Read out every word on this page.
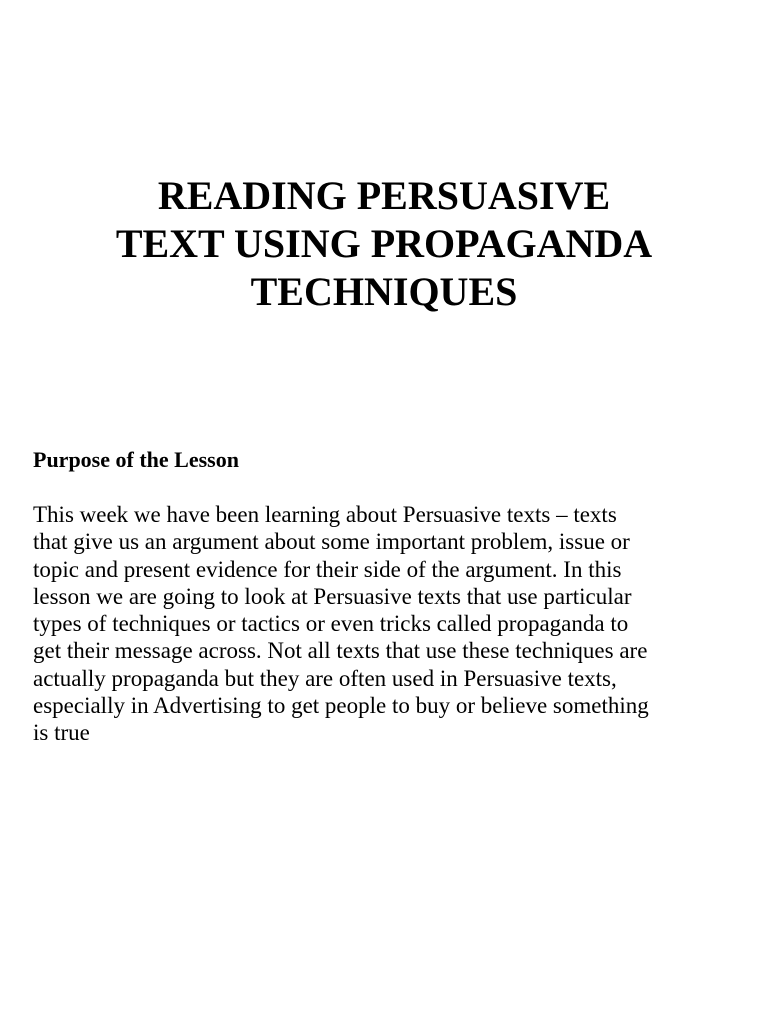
READING PERSUASIVE
TEXT USING PROPAGANDA
TECHNIQUES
Purpose of the Lesson

This week we have been learning about Persuasive texts – texts
that give us an argument about some important problem, issue or
topic and present evidence for their side of the argument. In this
lesson we are going to look at Persuasive texts that use particular
types of techniques or tactics or even tricks called propaganda to
get their message across. Not all texts that use these techniques are
actually propaganda but they are often used in Persuasive texts,
especially in Advertising to get people to buy or believe something
is true
